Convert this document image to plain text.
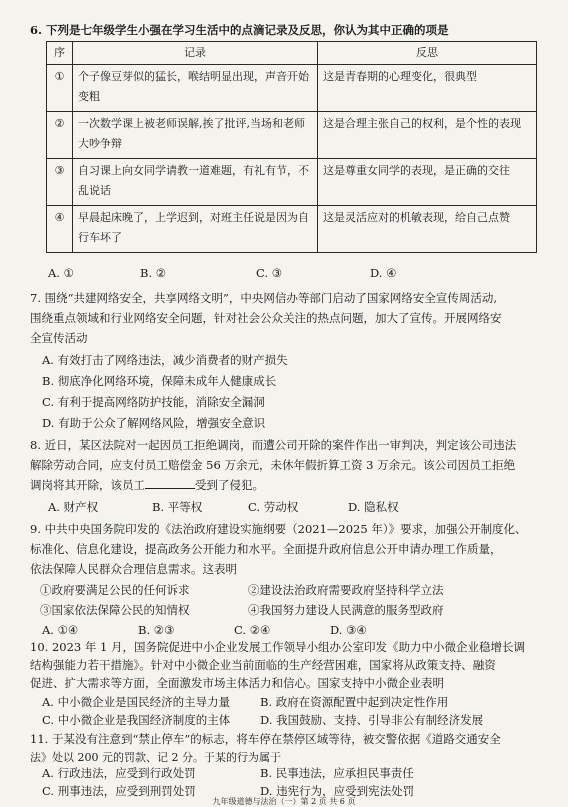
6. 下列是七年级学生小强在学习生活中的点滴记录及反思，你认为其中正确的项是
序	记录	反思
①	个子像豆芽似的猛长，喉结明显出现，声音开始变粗	这是青春期的心理变化，很典型
②	一次数学课上被老师误解,挨了批评,当场和老师大吵争辩	这是合理主张自己的权利，是个性的表现
③	自习课上向女同学请教一道难题，有礼有节，不乱说话	这是尊重女同学的表现，是正确的交往
④	早晨起床晚了，上学迟到，对班主任说是因为自行车坏了	这是灵活应对的机敏表现，给自己点赞
A. ①	B. ②	C. ③	D. ④
7. 围绕“共建网络安全，共享网络文明”，中央网信办等部门启动了国家网络安全宣传周活动,
围绕重点领域和行业网络安全问题，针对社会公众关注的热点问题，加大了宣传。开展网络安
全宣传活动
A. 有效打击了网络违法，减少消费者的财产损失
B. 彻底净化网络环境，保障未成年人健康成长
C. 有利于提高网络防护技能，消除安全漏洞
D. 有助于公众了解网络风险，增强安全意识
8. 近日，某区法院对一起因员工拒绝调岗，而遭公司开除的案件作出一审判决，判定该公司违法
解除劳动合同，应支付员工赔偿金 56 万余元，未休年假折算工资 3 万余元。该公司因员工拒绝
调岗将其开除，该员工	受到了侵犯。
A. 财产权	B. 平等权	C. 劳动权	D. 隐私权
9. 中共中央国务院印发的《法治政府建设实施纲要（2021—2025 年）》要求，加强公开制度化、
标准化、信息化建设，提高政务公开能力和水平。全面提升政府信息公开申请办理工作质量，
依法保障人民群众合理信息需求。这表明
①政府要满足公民的任何诉求	②建设法治政府需要政府坚持科学立法
③国家依法保障公民的知情权	④我国努力建设人民满意的服务型政府
A. ①④	B. ②③	C. ②④	D. ③④
10. 2023 年 1 月，国务院促进中小企业发展工作领导小组办公室印发《助力中小微企业稳增长调
结构强能力若干措施》。针对中小微企业当前面临的生产经营困难，国家将从政策支持、融资
促进、扩大需求等方面，全面激发市场主体活力和信心。国家支持中小微企业表明
A. 中小微企业是国民经济的主导力量	B. 政府在资源配置中起到决定性作用
C. 中小微企业是我国经济制度的主体	D. 我国鼓励、支持、引导非公有制经济发展
11. 于某没有注意到“禁止停车”的标志，将车停在禁停区域等待，被交警依据《道路交通安全
法》处以 200 元的罚款、记 2 分。于某的行为属于
九年级道德与法治（一）第 2 页 共 6 页
A. 行政违法，应受到行政处罚	B. 民事违法，应承担民事责任
C. 刑事违法，应受到刑罚处罚	D. 违宪行为，应受到宪法处罚
